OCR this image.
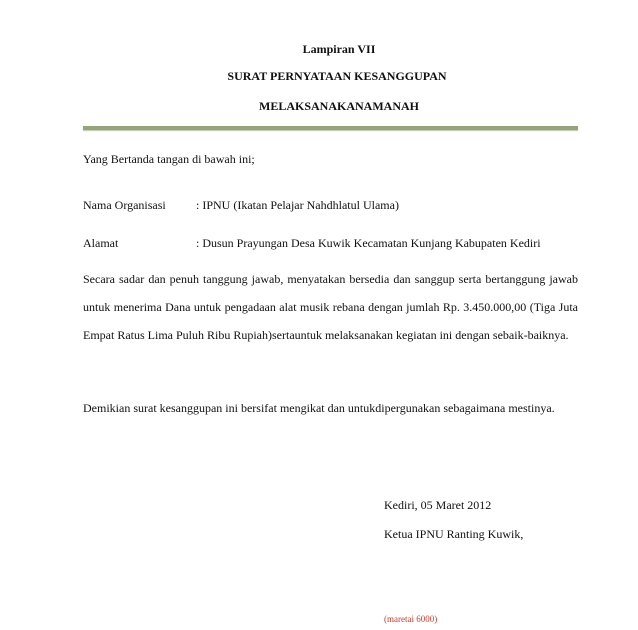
Lampiran VII
SURAT PERNYATAAN KESANGGUPAN
MELAKSANAKANAMANAH
Yang Bertanda tangan di bawah ini;
Nama Organisasi	: IPNU (Ikatan Pelajar Nahdhlatul Ulama)
Alamat	: Dusun Prayungan Desa Kuwik Kecamatan Kunjang Kabupaten Kediri
Secara sadar dan penuh tanggung jawab, menyatakan bersedia dan sanggup serta bertanggung jawab untuk menerima Dana untuk pengadaan alat musik rebana dengan jumlah Rp. 3.450.000,00 (Tiga Juta Empat Ratus Lima Puluh Ribu Rupiah)sertauntuk melaksanakan kegiatan ini dengan sebaik-baiknya.
Demikian surat kesanggupan ini bersifat mengikat dan untukdipergunakan sebagaimana mestinya.
Kediri, 05 Maret 2012
Ketua IPNU Ranting Kuwik,
(maretai 6000)
